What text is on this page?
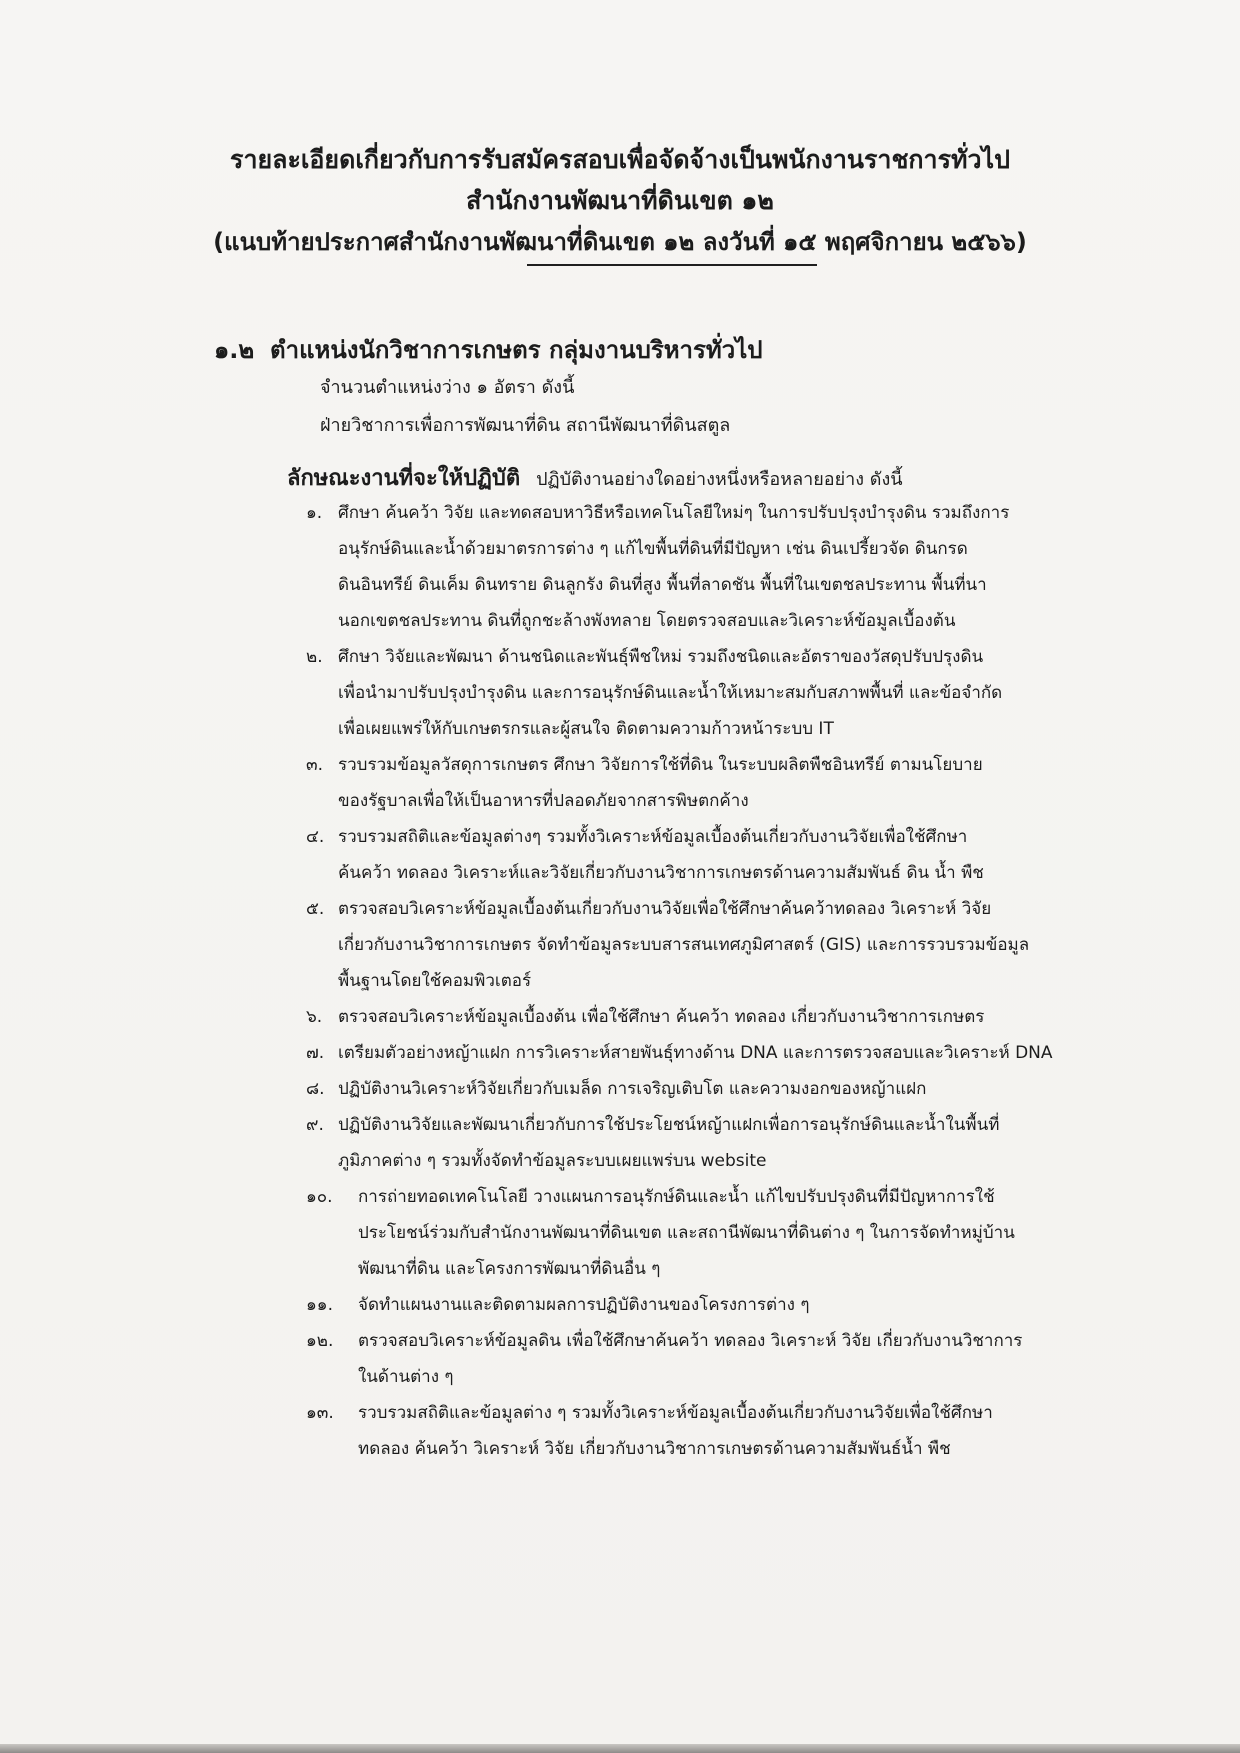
รายละเอียดเกี่ยวกับการรับสมัครสอบเพื่อจัดจ้างเป็นพนักงานราชการทั่วไป
สำนักงานพัฒนาที่ดินเขต ๑๒
(แนบท้ายประกาศสำนักงานพัฒนาที่ดินเขต ๑๒ ลงวันที่ ๑๕ พฤศจิกายน ๒๕๖๖)
๑.๒ ตำแหน่งนักวิชาการเกษตร กลุ่มงานบริหารทั่วไป
จำนวนตำแหน่งว่าง ๑ อัตรา ดังนี้
ฝ่ายวิชาการเพื่อการพัฒนาที่ดิน สถานีพัฒนาที่ดินสตูล
ลักษณะงานที่จะให้ปฏิบัติ ปฏิบัติงานอย่างใดอย่างหนึ่งหรือหลายอย่าง ดังนี้
๑. ศึกษา ค้นคว้า วิจัย และทดสอบหาวิธีหรือเทคโนโลยีใหม่ๆ ในการปรับปรุงบำรุงดิน รวมถึงการ
อนุรักษ์ดินและน้ำด้วยมาตรการต่าง ๆ แก้ไขพื้นที่ดินที่มีปัญหา เช่น ดินเปรี้ยวจัด ดินกรด
ดินอินทรีย์ ดินเค็ม ดินทราย ดินลูกรัง ดินที่สูง พื้นที่ลาดชัน พื้นที่ในเขตชลประทาน พื้นที่นา
นอกเขตชลประทาน ดินที่ถูกชะล้างพังทลาย โดยตรวจสอบและวิเคราะห์ข้อมูลเบื้องต้น
๒. ศึกษา วิจัยและพัฒนา ด้านชนิดและพันธุ์พืชใหม่ รวมถึงชนิดและอัตราของวัสดุปรับปรุงดิน
เพื่อนำมาปรับปรุงบำรุงดิน และการอนุรักษ์ดินและน้ำให้เหมาะสมกับสภาพพื้นที่ และข้อจำกัด
เพื่อเผยแพร่ให้กับเกษตรกรและผู้สนใจ ติดตามความก้าวหน้าระบบ IT
๓. รวบรวมข้อมูลวัสดุการเกษตร ศึกษา วิจัยการใช้ที่ดิน ในระบบผลิตพืชอินทรีย์ ตามนโยบาย
ของรัฐบาลเพื่อให้เป็นอาหารที่ปลอดภัยจากสารพิษตกค้าง
๔. รวบรวมสถิติและข้อมูลต่างๆ รวมทั้งวิเคราะห์ข้อมูลเบื้องต้นเกี่ยวกับงานวิจัยเพื่อใช้ศึกษา
ค้นคว้า ทดลอง วิเคราะห์และวิจัยเกี่ยวกับงานวิชาการเกษตรด้านความสัมพันธ์ ดิน น้ำ พืช
๕. ตรวจสอบวิเคราะห์ข้อมูลเบื้องต้นเกี่ยวกับงานวิจัยเพื่อใช้ศึกษาค้นคว้าทดลอง วิเคราะห์ วิจัย
เกี่ยวกับงานวิชาการเกษตร จัดทำข้อมูลระบบสารสนเทศภูมิศาสตร์ (GIS) และการรวบรวมข้อมูล
พื้นฐานโดยใช้คอมพิวเตอร์
๖. ตรวจสอบวิเคราะห์ข้อมูลเบื้องต้น เพื่อใช้ศึกษา ค้นคว้า ทดลอง เกี่ยวกับงานวิชาการเกษตร
๗. เตรียมตัวอย่างหญ้าแฝก การวิเคราะห์สายพันธุ์ทางด้าน DNA และการตรวจสอบและวิเคราะห์ DNA
๘. ปฏิบัติงานวิเคราะห์วิจัยเกี่ยวกับเมล็ด การเจริญเติบโต และความงอกของหญ้าแฝก
๙. ปฏิบัติงานวิจัยและพัฒนาเกี่ยวกับการใช้ประโยชน์หญ้าแฝกเพื่อการอนุรักษ์ดินและน้ำในพื้นที่
ภูมิภาคต่าง ๆ รวมทั้งจัดทำข้อมูลระบบเผยแพร่บน website
๑๐. การถ่ายทอดเทคโนโลยี วางแผนการอนุรักษ์ดินและน้ำ แก้ไขปรับปรุงดินที่มีปัญหาการใช้
ประโยชน์ร่วมกับสำนักงานพัฒนาที่ดินเขต และสถานีพัฒนาที่ดินต่าง ๆ ในการจัดทำหมู่บ้าน
พัฒนาที่ดิน และโครงการพัฒนาที่ดินอื่น ๆ
๑๑. จัดทำแผนงานและติดตามผลการปฏิบัติงานของโครงการต่าง ๆ
๑๒. ตรวจสอบวิเคราะห์ข้อมูลดิน เพื่อใช้ศึกษาค้นคว้า ทดลอง วิเคราะห์ วิจัย เกี่ยวกับงานวิชาการ
ในด้านต่าง ๆ
๑๓. รวบรวมสถิติและข้อมูลต่าง ๆ รวมทั้งวิเคราะห์ข้อมูลเบื้องต้นเกี่ยวกับงานวิจัยเพื่อใช้ศึกษา
ทดลอง ค้นคว้า วิเคราะห์ วิจัย เกี่ยวกับงานวิชาการเกษตรด้านความสัมพันธ์น้ำ พืช
